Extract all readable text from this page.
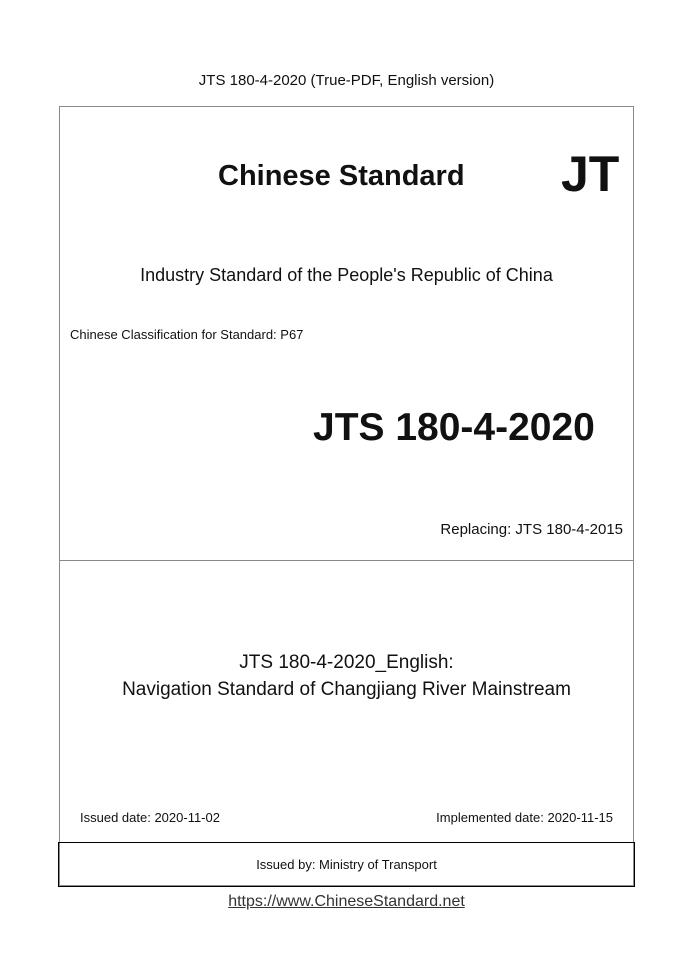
JTS 180-4-2020 (True-PDF, English version)
Chinese Standard JT
Industry Standard of the People's Republic of China
Chinese Classification for Standard: P67
JTS 180-4-2020
Replacing: JTS 180-4-2015
JTS 180-4-2020_English:
Navigation Standard of Changjiang River Mainstream
Issued date: 2020-11-02	Implemented date: 2020-11-15
Issued by: Ministry of Transport
https://www.ChineseStandard.net
